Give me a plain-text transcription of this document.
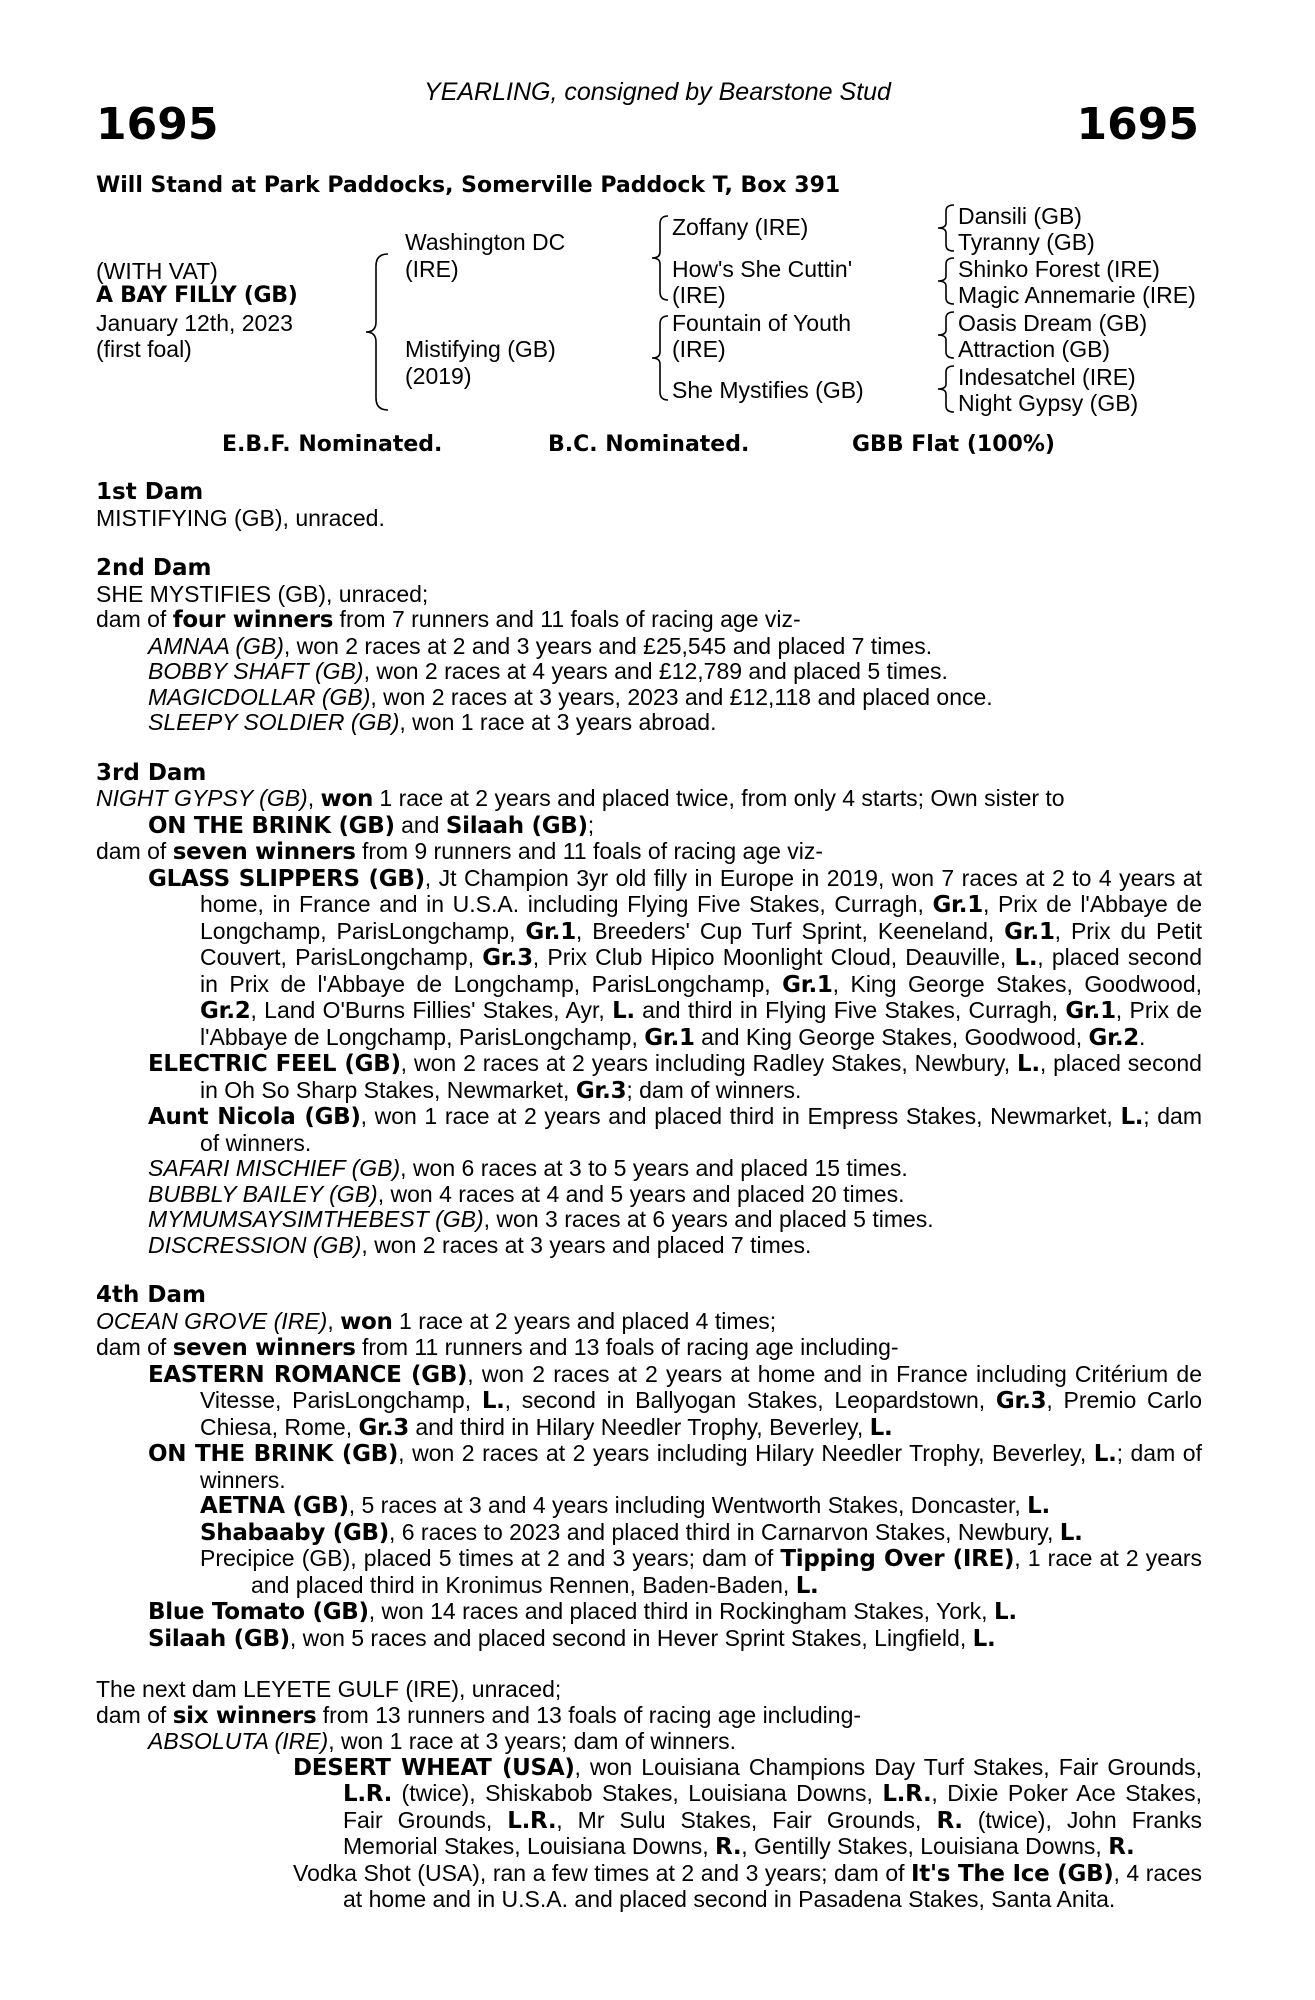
YEARLING, consigned by Bearstone Stud
1695	1695
Will Stand at Park Paddocks, Somerville Paddock T, Box 391
(WITH VAT)
A BAY FILLY (GB)
January 12th, 2023
(first foal)
Washington DC
(IRE)
Mistifying (GB)
(2019)
Zoffany (IRE)
How's She Cuttin'
(IRE)
Fountain of Youth
(IRE)
She Mystifies (GB)
Dansili (GB)
Tyranny (GB)
Shinko Forest (IRE)
Magic Annemarie (IRE)
Oasis Dream (GB)
Attraction (GB)
Indesatchel (IRE)
Night Gypsy (GB)
E.B.F. Nominated.	B.C. Nominated.	GBB Flat (100%)
1st Dam
MISTIFYING (GB), unraced.
2nd Dam
SHE MYSTIFIES (GB), unraced;
dam of four winners from 7 runners and 11 foals of racing age viz-
AMNAA (GB), won 2 races at 2 and 3 years and £25,545 and placed 7 times.
BOBBY SHAFT (GB), won 2 races at 4 years and £12,789 and placed 5 times.
MAGICDOLLAR (GB), won 2 races at 3 years, 2023 and £12,118 and placed once.
SLEEPY SOLDIER (GB), won 1 race at 3 years abroad.
3rd Dam
NIGHT GYPSY (GB), won 1 race at 2 years and placed twice, from only 4 starts; Own sister to
ON THE BRINK (GB) and Silaah (GB);
dam of seven winners from 9 runners and 11 foals of racing age viz-
GLASS SLIPPERS (GB), Jt Champion 3yr old filly in Europe in 2019, won 7 races at 2 to 4 years at home, in France and in U.S.A. including Flying Five Stakes, Curragh, Gr.1, Prix de l'Abbaye de Longchamp, ParisLongchamp, Gr.1, Breeders' Cup Turf Sprint, Keeneland, Gr.1, Prix du Petit Couvert, ParisLongchamp, Gr.3, Prix Club Hipico Moonlight Cloud, Deauville, L., placed second in Prix de l'Abbaye de Longchamp, ParisLongchamp, Gr.1, King George Stakes, Goodwood, Gr.2, Land O'Burns Fillies' Stakes, Ayr, L. and third in Flying Five Stakes, Curragh, Gr.1, Prix de l'Abbaye de Longchamp, ParisLongchamp, Gr.1 and King George Stakes, Goodwood, Gr.2.
ELECTRIC FEEL (GB), won 2 races at 2 years including Radley Stakes, Newbury, L., placed second in Oh So Sharp Stakes, Newmarket, Gr.3; dam of winners.
Aunt Nicola (GB), won 1 race at 2 years and placed third in Empress Stakes, Newmarket, L.; dam of winners.
SAFARI MISCHIEF (GB), won 6 races at 3 to 5 years and placed 15 times.
BUBBLY BAILEY (GB), won 4 races at 4 and 5 years and placed 20 times.
MYMUMSAYSIMTHEBEST (GB), won 3 races at 6 years and placed 5 times.
DISCRESSION (GB), won 2 races at 3 years and placed 7 times.
4th Dam
OCEAN GROVE (IRE), won 1 race at 2 years and placed 4 times;
dam of seven winners from 11 runners and 13 foals of racing age including-
EASTERN ROMANCE (GB), won 2 races at 2 years at home and in France including Critérium de Vitesse, ParisLongchamp, L., second in Ballyogan Stakes, Leopardstown, Gr.3, Premio Carlo Chiesa, Rome, Gr.3 and third in Hilary Needler Trophy, Beverley, L.
ON THE BRINK (GB), won 2 races at 2 years including Hilary Needler Trophy, Beverley, L.; dam of winners.
AETNA (GB), 5 races at 3 and 4 years including Wentworth Stakes, Doncaster, L.
Shabaaby (GB), 6 races to 2023 and placed third in Carnarvon Stakes, Newbury, L.
Precipice (GB), placed 5 times at 2 and 3 years; dam of Tipping Over (IRE), 1 race at 2 years and placed third in Kronimus Rennen, Baden-Baden, L.
Blue Tomato (GB), won 14 races and placed third in Rockingham Stakes, York, L.
Silaah (GB), won 5 races and placed second in Hever Sprint Stakes, Lingfield, L.
The next dam LEYETE GULF (IRE), unraced;
dam of six winners from 13 runners and 13 foals of racing age including-
ABSOLUTA (IRE), won 1 race at 3 years; dam of winners.
DESERT WHEAT (USA), won Louisiana Champions Day Turf Stakes, Fair Grounds, L.R. (twice), Shiskabob Stakes, Louisiana Downs, L.R., Dixie Poker Ace Stakes, Fair Grounds, L.R., Mr Sulu Stakes, Fair Grounds, R. (twice), John Franks Memorial Stakes, Louisiana Downs, R., Gentilly Stakes, Louisiana Downs, R.
Vodka Shot (USA), ran a few times at 2 and 3 years; dam of It's The Ice (GB), 4 races at home and in U.S.A. and placed second in Pasadena Stakes, Santa Anita.
